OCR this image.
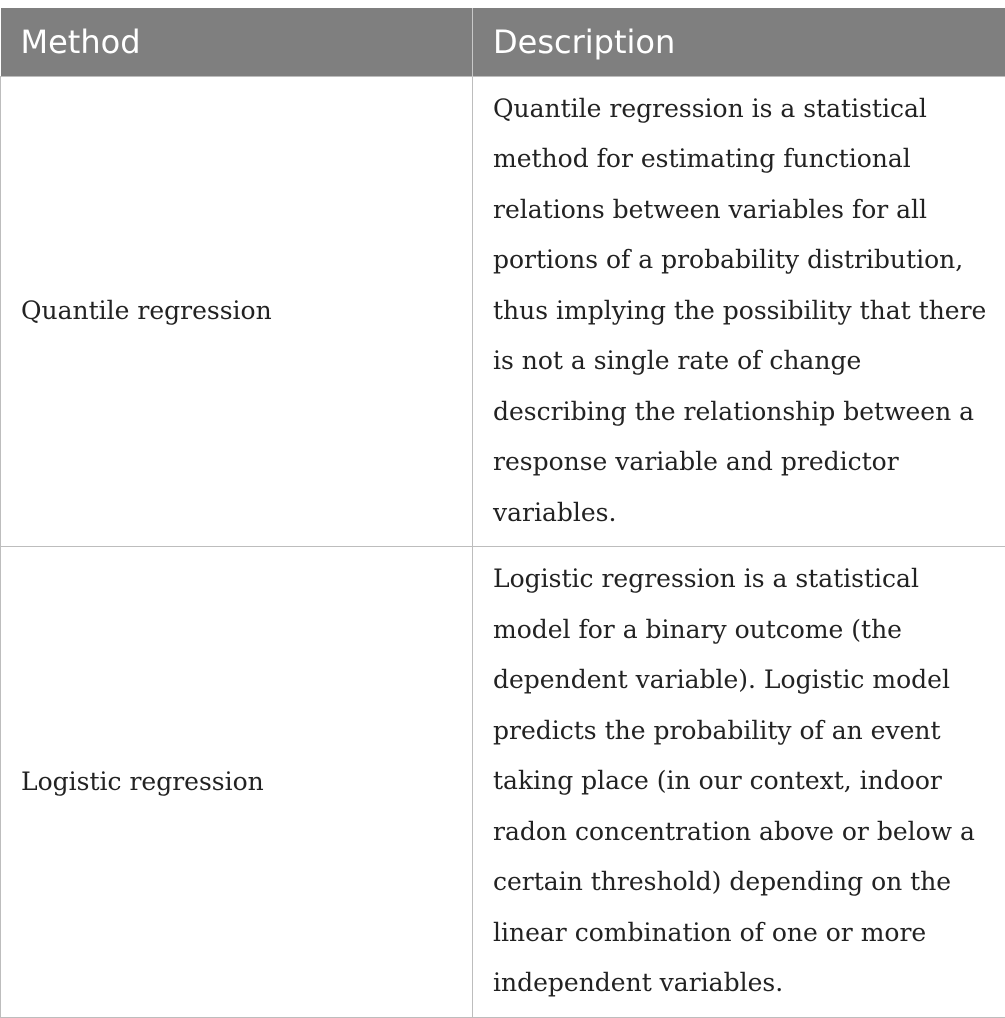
Method	Description
Quantile regression	Quantile regression is a statistical method for estimating functional relations between variables for all portions of a probability distribution, thus implying the possibility that there is not a single rate of change describing the relationship between a response variable and predictor variables.
Logistic regression	Logistic regression is a statistical model for a binary outcome (the dependent variable). Logistic model predicts the probability of an event taking place (in our context, indoor radon concentration above or below a certain threshold) depending on the linear combination of one or more independent variables.
